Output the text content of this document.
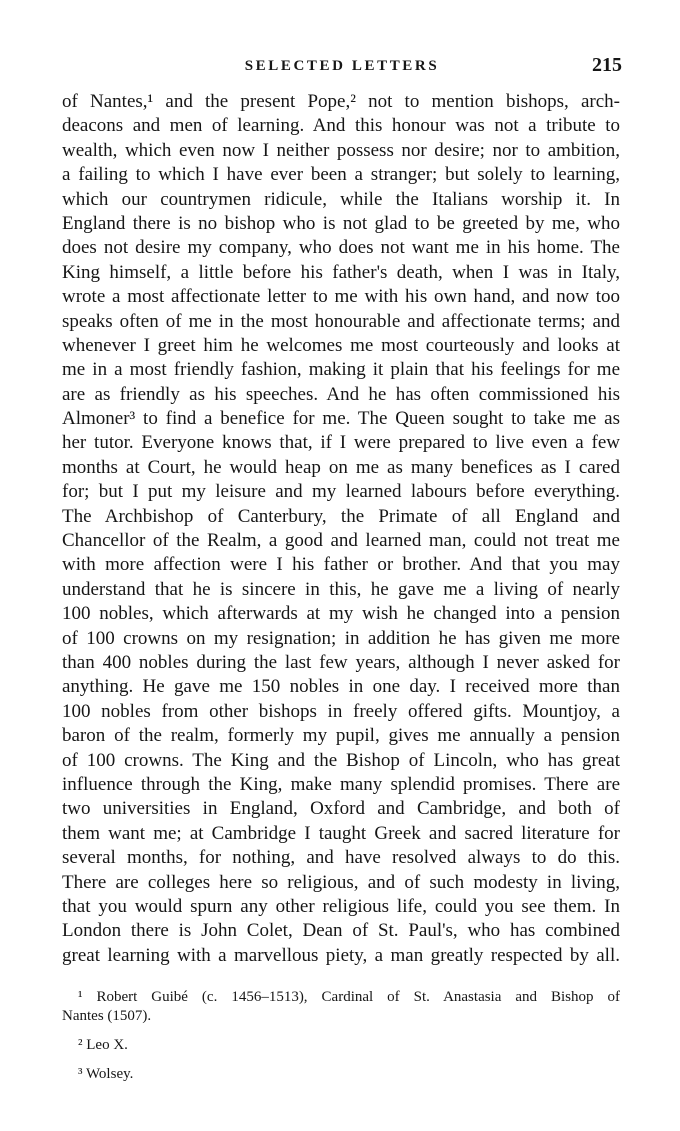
SELECTED LETTERS	215
of Nantes,¹ and the present Pope,² not to mention bishops, arch-
deacons and men of learning. And this honour was not a tribute to
wealth, which even now I neither possess nor desire; nor to ambition,
a failing to which I have ever been a stranger; but solely to learning,
which our countrymen ridicule, while the Italians worship it. In
England there is no bishop who is not glad to be greeted by me, who
does not desire my company, who does not want me in his home. The
King himself, a little before his father's death, when I was in Italy,
wrote a most affectionate letter to me with his own hand, and now too
speaks often of me in the most honourable and affectionate terms; and
whenever I greet him he welcomes me most courteously and looks at
me in a most friendly fashion, making it plain that his feelings for me
are as friendly as his speeches. And he has often commissioned his
Almoner³ to find a benefice for me. The Queen sought to take me as
her tutor. Everyone knows that, if I were prepared to live even a few
months at Court, he would heap on me as many benefices as I cared
for; but I put my leisure and my learned labours before everything.
The Archbishop of Canterbury, the Primate of all England and
Chancellor of the Realm, a good and learned man, could not treat me
with more affection were I his father or brother. And that you may
understand that he is sincere in this, he gave me a living of nearly
100 nobles, which afterwards at my wish he changed into a pension
of 100 crowns on my resignation; in addition he has given me more
than 400 nobles during the last few years, although I never asked for
anything. He gave me 150 nobles in one day. I received more than
100 nobles from other bishops in freely offered gifts. Mountjoy, a
baron of the realm, formerly my pupil, gives me annually a pension
of 100 crowns. The King and the Bishop of Lincoln, who has great
influence through the King, make many splendid promises. There are
two universities in England, Oxford and Cambridge, and both of
them want me; at Cambridge I taught Greek and sacred literature for
several months, for nothing, and have resolved always to do this.
There are colleges here so religious, and of such modesty in living,
that you would spurn any other religious life, could you see them. In
London there is John Colet, Dean of St. Paul's, who has combined
great learning with a marvellous piety, a man greatly respected by all.
¹ Robert Guibé (c. 1456–1513), Cardinal of St. Anastasia and Bishop of
Nantes (1507).
² Leo X.
³ Wolsey.
